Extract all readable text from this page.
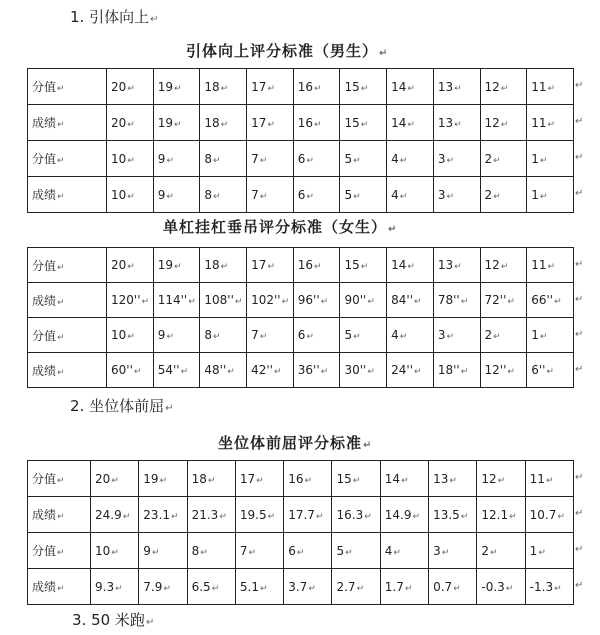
1. 引体向上↵
引体向上评分标准（男生）↵
分值↵	20↵	19↵	18↵	17↵	16↵	15↵	14↵	13↵	12↵	11↵
成绩↵	20↵	19↵	18↵	17↵	16↵	15↵	14↵	13↵	12↵	11↵
分值↵	10↵	9↵	8↵	7↵	6↵	5↵	4↵	3↵	2↵	1↵
成绩↵	10↵	9↵	8↵	7↵	6↵	5↵	4↵	3↵	2↵	1↵
↵
↵
↵
↵
单杠挂杠垂吊评分标准（女生）↵
分值↵	20↵	19↵	18↵	17↵	16↵	15↵	14↵	13↵	12↵	11↵
成绩↵	120''↵	114''↵	108''↵	102''↵	96''↵	90''↵	84''↵	78''↵	72''↵	66''↵
分值↵	10↵	9↵	8↵	7↵	6↵	5↵	4↵	3↵	2↵	1↵
成绩↵	60''↵	54''↵	48''↵	42''↵	36''↵	30''↵	24''↵	18''↵	12''↵	6''↵
↵
↵
↵
↵
2. 坐位体前屈↵
坐位体前屈评分标准↵
分值↵	20↵	19↵	18↵	17↵	16↵	15↵	14↵	13↵	12↵	11↵
成绩↵	24.9↵	23.1↵	21.3↵	19.5↵	17.7↵	16.3↵	14.9↵	13.5↵	12.1↵	10.7↵
分值↵	10↵	9↵	8↵	7↵	6↵	5↵	4↵	3↵	2↵	1↵
成绩↵	9.3↵	7.9↵	6.5↵	5.1↵	3.7↵	2.7↵	1.7↵	0.7↵	-0.3↵	-1.3↵
↵
↵
↵
↵
3. 50 米跑↵
